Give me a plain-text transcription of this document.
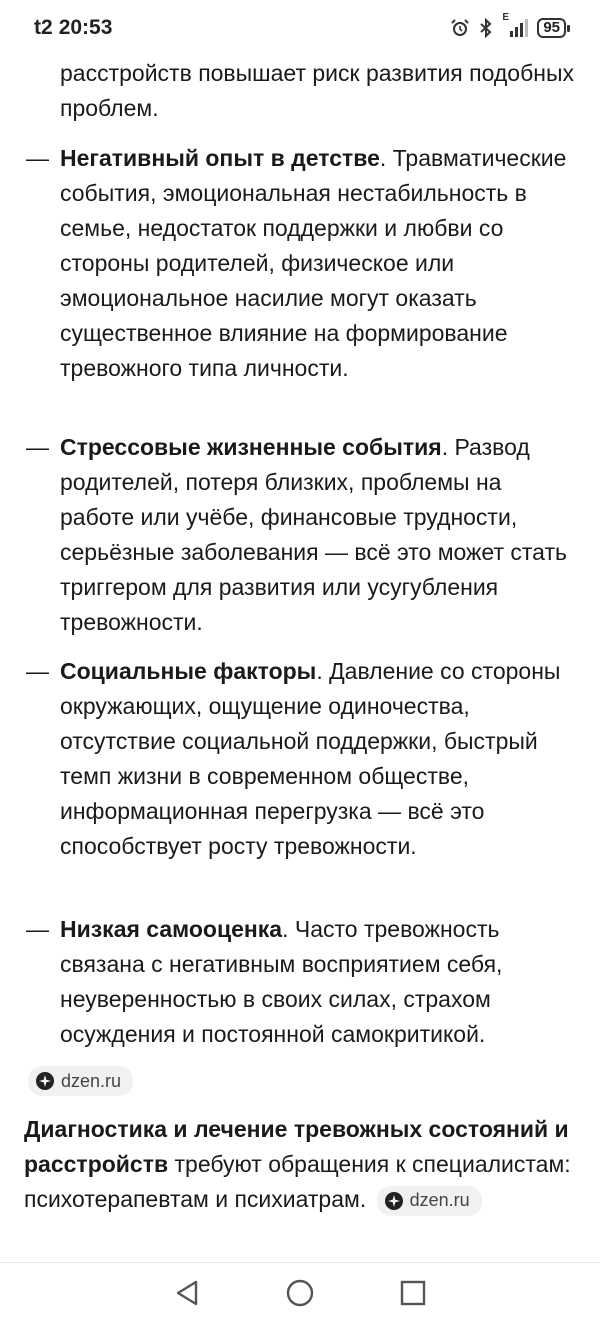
t2 20:53	E
95
расстройств повышает риск развития подобных проблем.
— Негативный опыт в детстве. Травматические события, эмоциональная нестабильность в семье, недостаток поддержки и любви со стороны родителей, физическое или эмоциональное насилие могут оказать существенное влияние на формирование тревожного типа личности.
— Стрессовые жизненные события. Развод родителей, потеря близких, проблемы на работе или учёбе, финансовые трудности, серьёзные заболевания — всё это может стать триггером для развития или усугубления тревожности.
— Социальные факторы. Давление со стороны окружающих, ощущение одиночества, отсутствие социальной поддержки, быстрый темп жизни в современном обществе, информационная перегрузка — всё это способствует росту тревожности.
— Низкая самооценка. Часто тревожность связана с негативным восприятием себя, неуверенностью в своих силах, страхом осуждения и постоянной самокритикой.
dzen.ru
Диагностика и лечение тревожных состояний и расстройств требуют обращения к специалистам: психотерапевтам и психиатрам. dzen.ru
